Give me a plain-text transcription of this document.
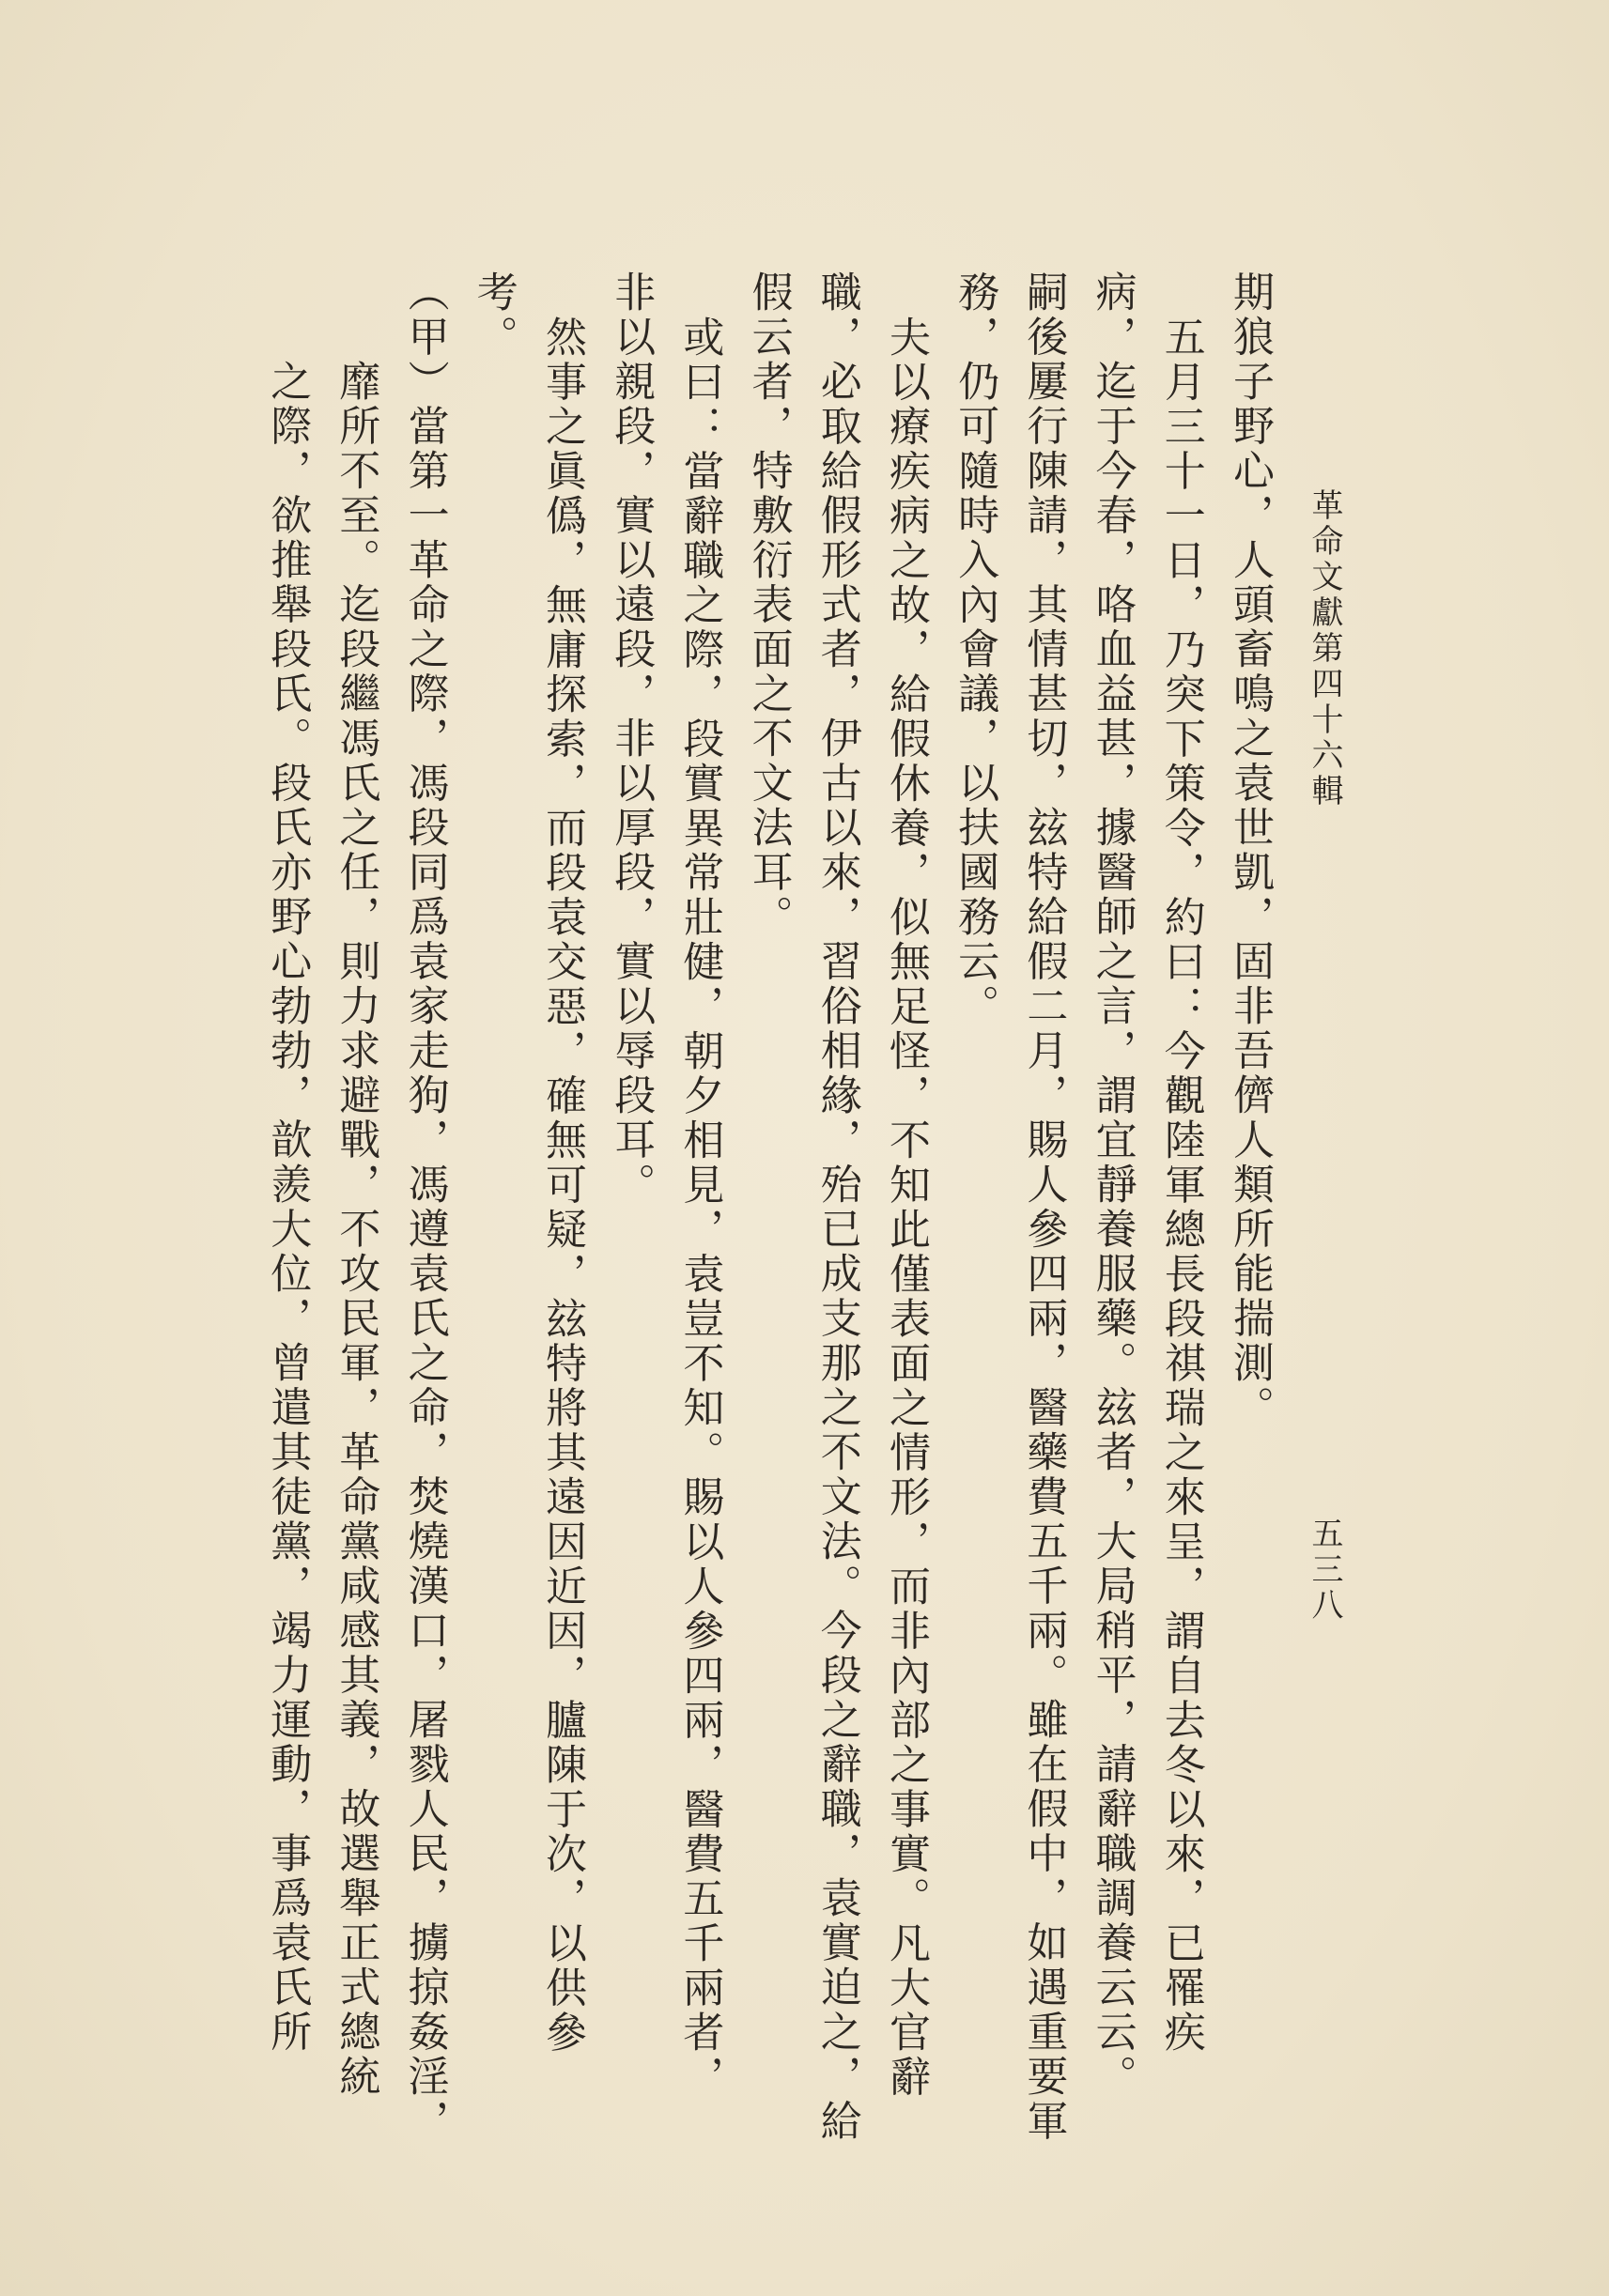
革命文獻第四十六輯
五三八
期狼子野心，人頭畜鳴之袁世凱，固非吾儕人類所能揣測。
五月三十一日，乃突下策令，約曰：今觀陸軍總長段祺瑞之來呈，謂自去冬以來，已罹疾
病，迄于今春，咯血益甚，據醫師之言，謂宜靜養服藥。玆者，大局稍平，請辭職調養云云。
嗣後屢行陳請，其情甚切，玆特給假二月，賜人參四兩，醫藥費五千兩。雖在假中，如遇重要軍
務，仍可隨時入內會議，以扶國務云。
夫以療疾病之故，給假休養，似無足怪，不知此僅表面之情形，而非內部之事實。凡大官辭
職，必取給假形式者，伊古以來，習俗相緣，殆已成支那之不文法。今段之辭職，袁實迫之，給
假云者，特敷衍表面之不文法耳。
或曰：當辭職之際，段實異常壯健，朝夕相見，袁豈不知。賜以人參四兩，醫費五千兩者，
非以親段，實以遠段，非以厚段，實以辱段耳。
然事之眞僞，無庸探索，而段袁交惡，確無可疑，玆特將其遠因近因，臚陳于次，以供參
考。
（甲）當第一革命之際，馮段同爲袁家走狗，馮遵袁氏之命，焚燒漢口，屠戮人民，擄掠姦淫，
靡所不至。迄段繼馮氏之任，則力求避戰，不攻民軍，革命黨咸感其義，故選舉正式總統
之際，欲推舉段氏。段氏亦野心勃勃，歆羨大位，曾遣其徒黨，竭力運動，事爲袁氏所
